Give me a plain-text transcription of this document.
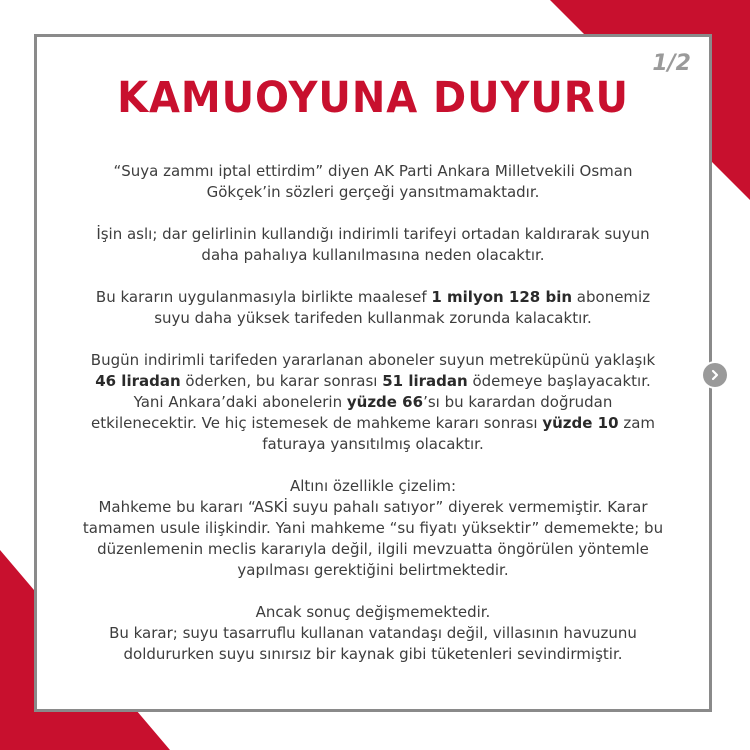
1/2
KAMUOYUNA DUYURU

“Suya zammı iptal ettirdim” diyen AK Parti Ankara Milletvekili Osman Gökçek’in sözleri gerçeği yansıtmamaktadır.

İşin aslı; dar gelirlinin kullandığı indirimli tarifeyi ortadan kaldırarak suyun daha pahalıya kullanılmasına neden olacaktır.

Bu kararın uygulanmasıyla birlikte maalesef 1 milyon 128 bin abonemiz suyu daha yüksek tarifeden kullanmak zorunda kalacaktır.

Bugün indirimli tarifeden yararlanan aboneler suyun metreküpünü yaklaşık 46 liradan öderken, bu karar sonrası 51 liradan ödemeye başlayacaktır. Yani Ankara’daki abonelerin yüzde 66’sı bu karardan doğrudan etkilenecektir. Ve hiç istemesek de mahkeme kararı sonrası yüzde 10 zam faturaya yansıtılmış olacaktır.

Altını özellikle çizelim:
Mahkeme bu kararı “ASKİ suyu pahalı satıyor” diyerek vermemiştir. Karar tamamen usule ilişkindir. Yani mahkeme “su fiyatı yüksektir” dememekte; bu düzenlemenin meclis kararıyla değil, ilgili mevzuatta öngörülen yöntemle yapılması gerektiğini belirtmektedir.

Ancak sonuç değişmemektedir.
Bu karar; suyu tasarruflu kullanan vatandaşı değil, villasının havuzunu doldururken suyu sınırsız bir kaynak gibi tüketenleri sevindirmiştir.
